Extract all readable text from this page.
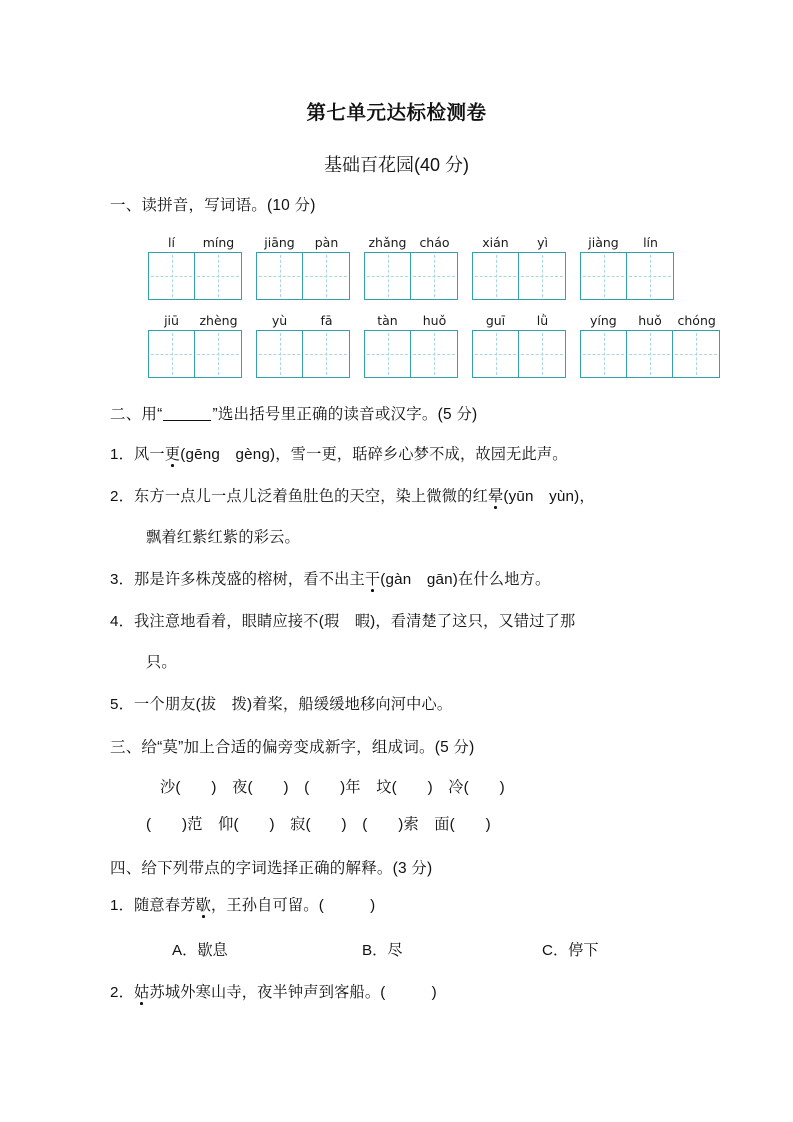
第七单元达标检测卷
基础百花园(40 分)
一、读拼音，写词语。(10 分)
lí	míng	jiāng	pàn	zhǎng	cháo	xián	yì	jiàng	lín
jiū	zhèng	yù	fā	tàn	huǒ	guī	lǜ	yíng	huǒ	chóng
二、用“	”选出括号里正确的读音或汉字。(5 分)
1．风一更(gēng　gèng)，雪一更，聒碎乡心梦不成，故园无此声。
2．东方一点儿一点儿泛着鱼肚色的天空，染上微微的红晕(yūn　yùn)，
飘着红紫红紫的彩云。
3．那是许多株茂盛的榕树，看不出主干(gàn　gān)在什么地方。
4．我注意地看着，眼睛应接不(瑕　暇)，看清楚了这只，又错过了那
只。
5．一个朋友(拔　拨)着桨，船缓缓地移向河中心。
三、给“莫”加上合适的偏旁变成新字，组成词。(5 分)
沙(　　)　夜(　　)　(　　)年　坟(　　)　冷(　　)
(　　)范　仰(　　)　寂(　　)　(　　)索　面(　　)
四、给下列带点的字词选择正确的解释。(3 分)
1．随意春芳歇，王孙自可留。(　　　)
A．歇息	B．尽	C．停下
2．姑苏城外寒山寺，夜半钟声到客船。(　　　)
